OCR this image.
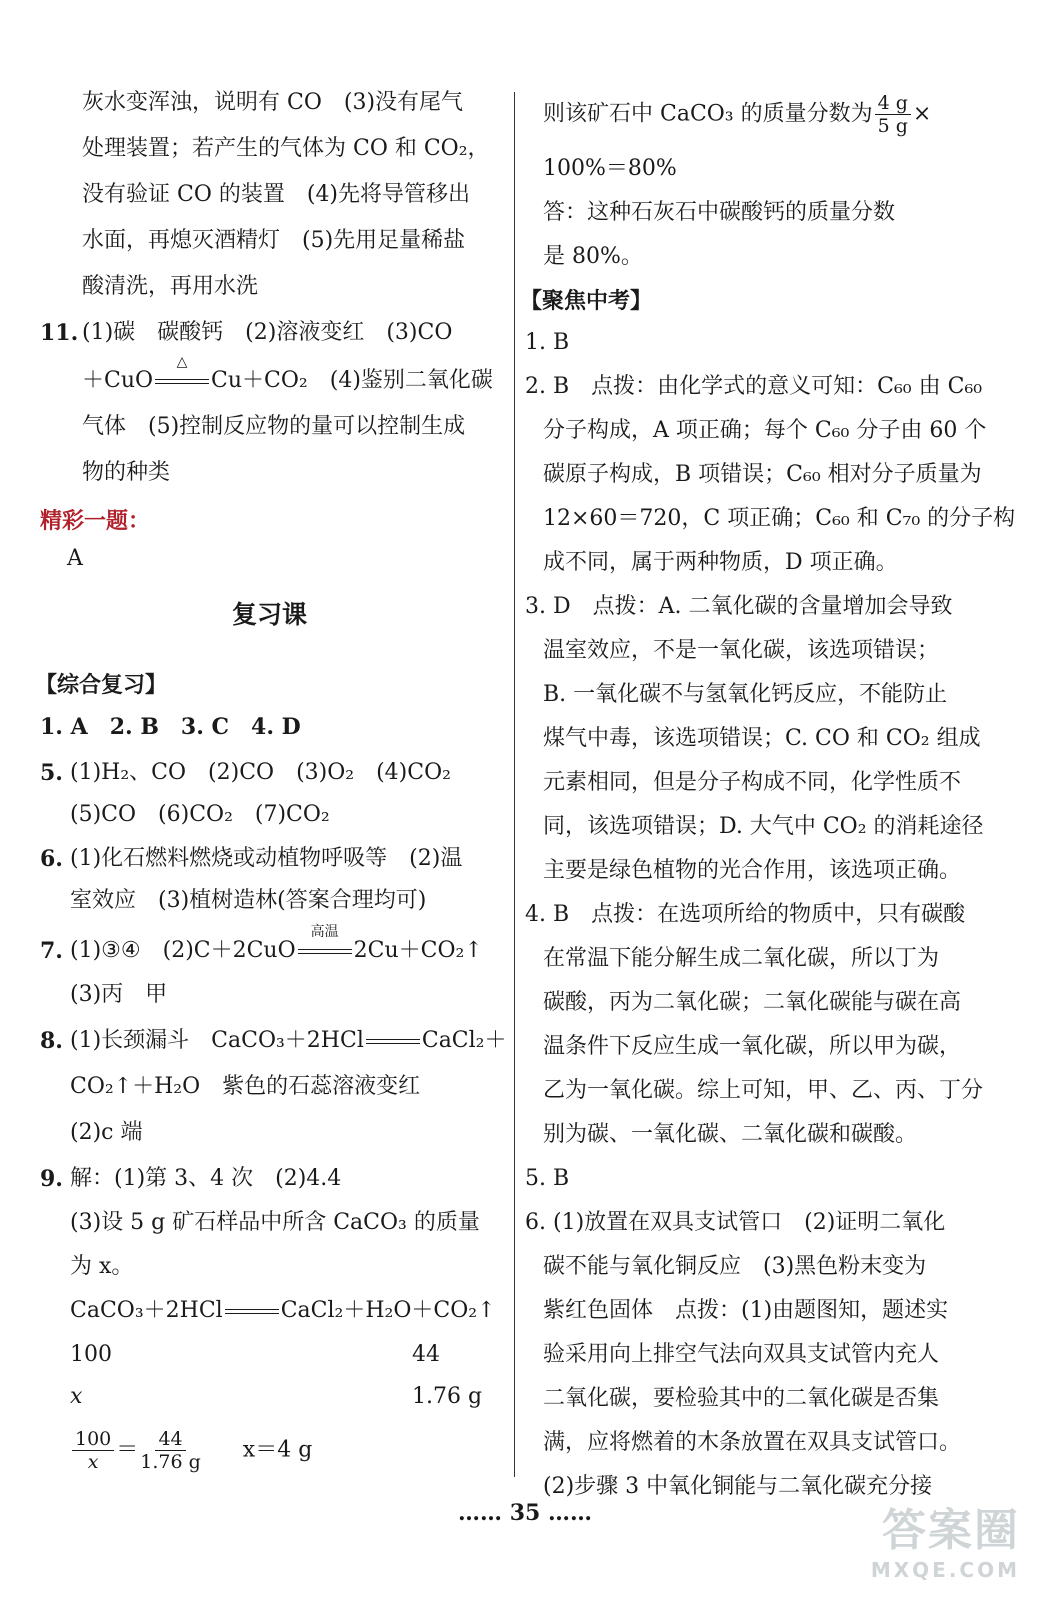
灰水变浑浊，说明有 CO　(3)没有尾气
处理装置；若产生的气体为 CO 和 CO₂，
没有验证 CO 的装置　(4)先将导管移出
水面，再熄灭酒精灯　(5)先用足量稀盐
酸清洗，再用水洗
11. (1)碳　碳酸钙　(2)溶液变红　(3)CO
＋CuO
△
Cu＋CO₂　(4)鉴别二氧化碳
气体　(5)控制反应物的量可以控制生成
物的种类
精彩一题：
A
复习课
【综合复习】
1. A　2. B　3. C　4. D
5. (1)H₂、CO　(2)CO　(3)O₂　(4)CO₂
(5)CO　(6)CO₂　(7)CO₂
6. (1)化石燃料燃烧或动植物呼吸等　(2)温
室效应　(3)植树造林(答案合理均可)
7. (1)③④　(2)C＋2CuO
高温
2Cu＋CO₂↑
(3)丙　甲
8. (1)长颈漏斗　CaCO₃＋2HCl	CaCl₂＋
CO₂↑＋H₂O　紫色的石蕊溶液变红
(2)c 端
9. 解：(1)第 3、4 次　(2)4.4
(3)设 5 g 矿石样品中所含 CaCO₃ 的质量
为 x。
CaCO₃＋2HCl	CaCl₂＋H₂O＋CO₂↑
100	44
x	1.76 g
$\frac{100}{x} = \frac{44}{1.76 g} x=4$ g
则该矿石中 CaCO₃ 的质量分数为 $\frac{4 g}{5 g}$ ×
100%＝80%
答：这种石灰石中碳酸钙的质量分数
是 80%。
【聚焦中考】
1. B
2. B　点拨：由化学式的意义可知：C₆₀ 由 C₆₀
分子构成，A 项正确；每个 C₆₀ 分子由 60 个
碳原子构成，B 项错误；C₆₀ 相对分子质量为
12×60＝720，C 项正确；C₆₀ 和 C₇₀ 的分子构
成不同，属于两种物质，D 项正确。
3. D　点拨：A. 二氧化碳的含量增加会导致
温室效应，不是一氧化碳，该选项错误；
B. 一氧化碳不与氢氧化钙反应，不能防止
煤气中毒，该选项错误；C. CO 和 CO₂ 组成
元素相同，但是分子构成不同，化学性质不
同，该选项错误；D. 大气中 CO₂ 的消耗途径
主要是绿色植物的光合作用，该选项正确。
4. B　点拨：在选项所给的物质中，只有碳酸
在常温下能分解生成二氧化碳，所以丁为
碳酸，丙为二氧化碳；二氧化碳能与碳在高
温条件下反应生成一氧化碳，所以甲为碳，
乙为一氧化碳。综上可知，甲、乙、丙、丁分
别为碳、一氧化碳、二氧化碳和碳酸。
5. B
6. (1)放置在双具支试管口　(2)证明二氧化
碳不能与氧化铜反应　(3)黑色粉末变为
紫红色固体　点拨：(1)由题图知，题述实
验采用向上排空气法向双具支试管内充人
二氧化碳，要检验其中的二氧化碳是否集
满，应将燃着的木条放置在双具支试管口。
(2)步骤 3 中氧化铜能与二氧化碳充分接
…… 35 ……	答案圈
MXQE.COM
